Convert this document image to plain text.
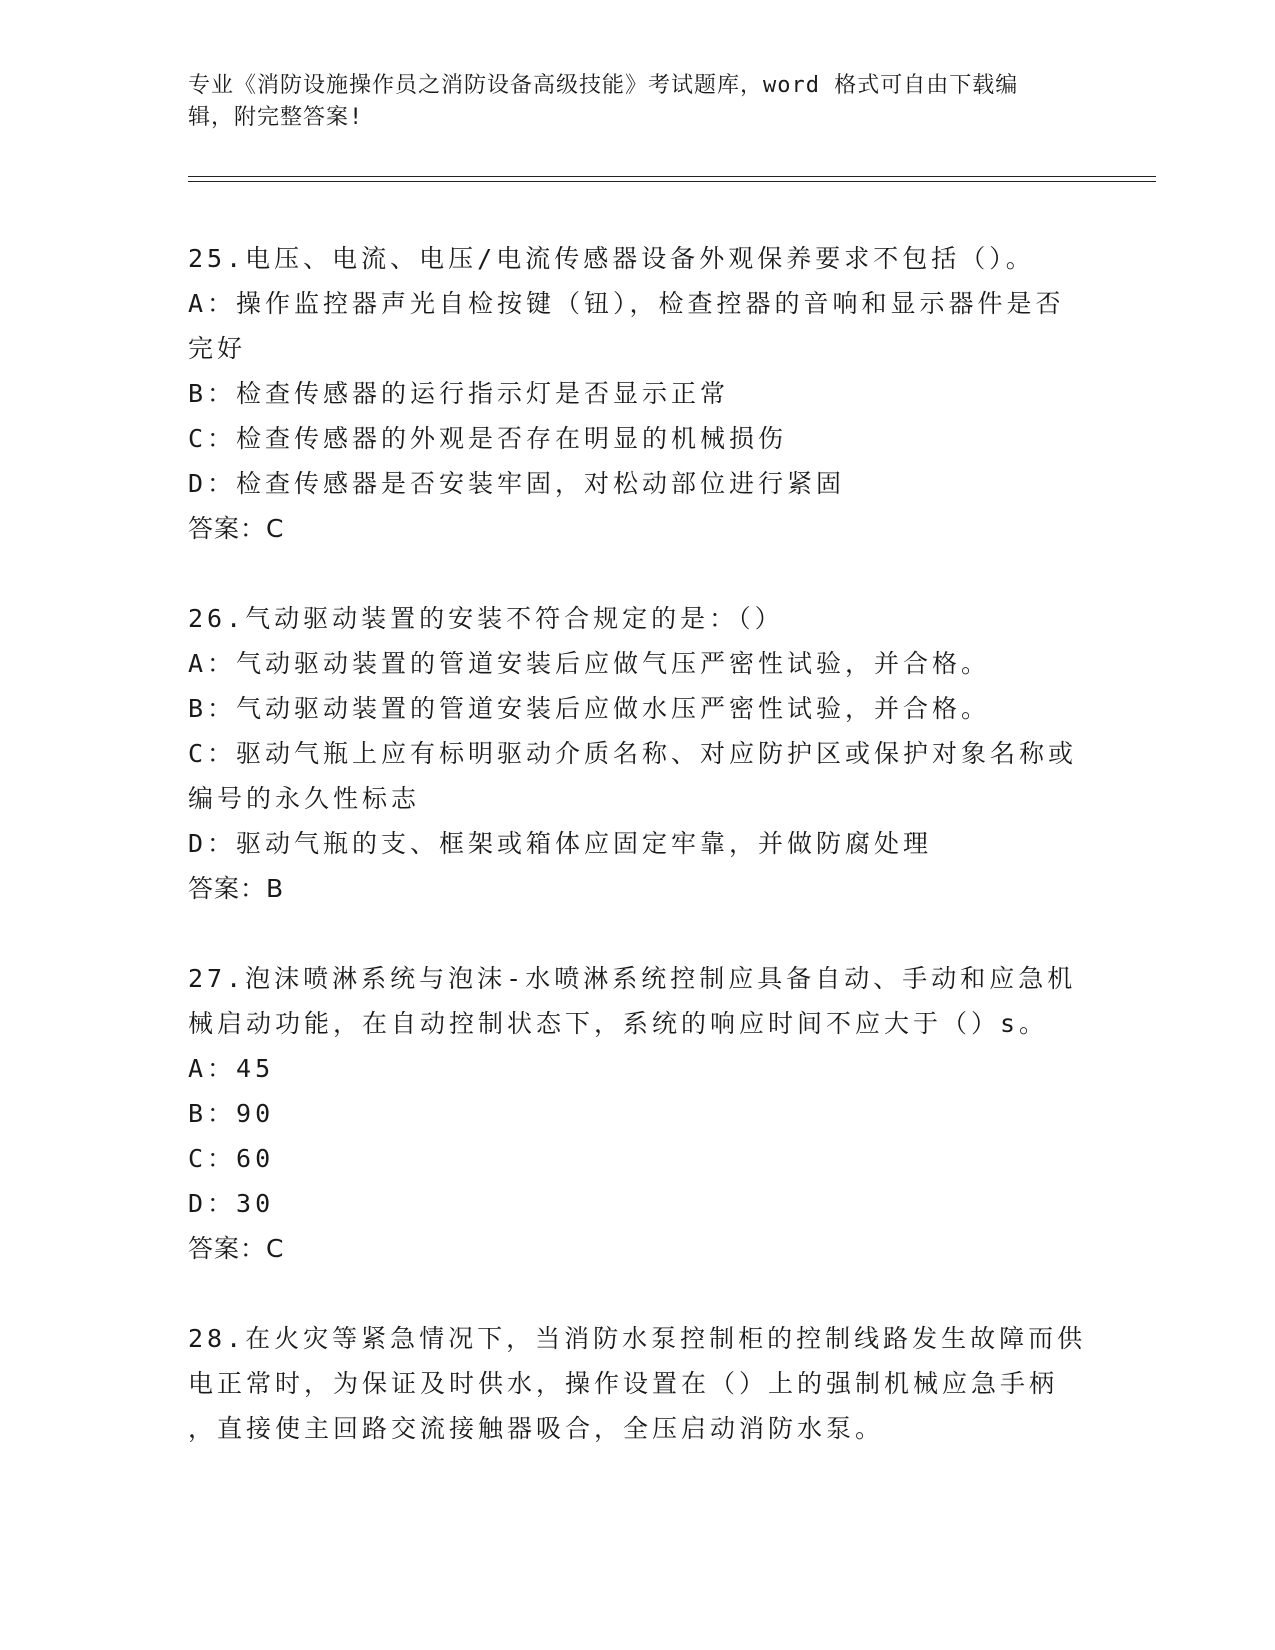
专业《消防设施操作员之消防设备高级技能》考试题库，word 格式可自由下载编
辑，附完整答案!

25.电压、电流、电压/电流传感器设备外观保养要求不包括（）。

A：操作监控器声光自检按键（钮），检查控器的音响和显示器件是否

完好

B：检查传感器的运行指示灯是否显示正常

C：检查传感器的外观是否存在明显的机械损伤

D：检查传感器是否安装牢固，对松动部位进行紧固

答案：C

26.气动驱动装置的安装不符合规定的是：（）

A：气动驱动装置的管道安装后应做气压严密性试验，并合格。

B：气动驱动装置的管道安装后应做水压严密性试验，并合格。

C：驱动气瓶上应有标明驱动介质名称、对应防护区或保护对象名称或

编号的永久性标志

D：驱动气瓶的支、框架或箱体应固定牢靠，并做防腐处理

答案：B

27.泡沫喷淋系统与泡沫-水喷淋系统控制应具备自动、手动和应急机

械启动功能，在自动控制状态下，系统的响应时间不应大于（）s。

A：45

B：90

C：60

D：30

答案：C

28.在火灾等紧急情况下，当消防水泵控制柜的控制线路发生故障而供

电正常时，为保证及时供水，操作设置在（）上的强制机械应急手柄

，直接使主回路交流接触器吸合，全压启动消防水泵。
